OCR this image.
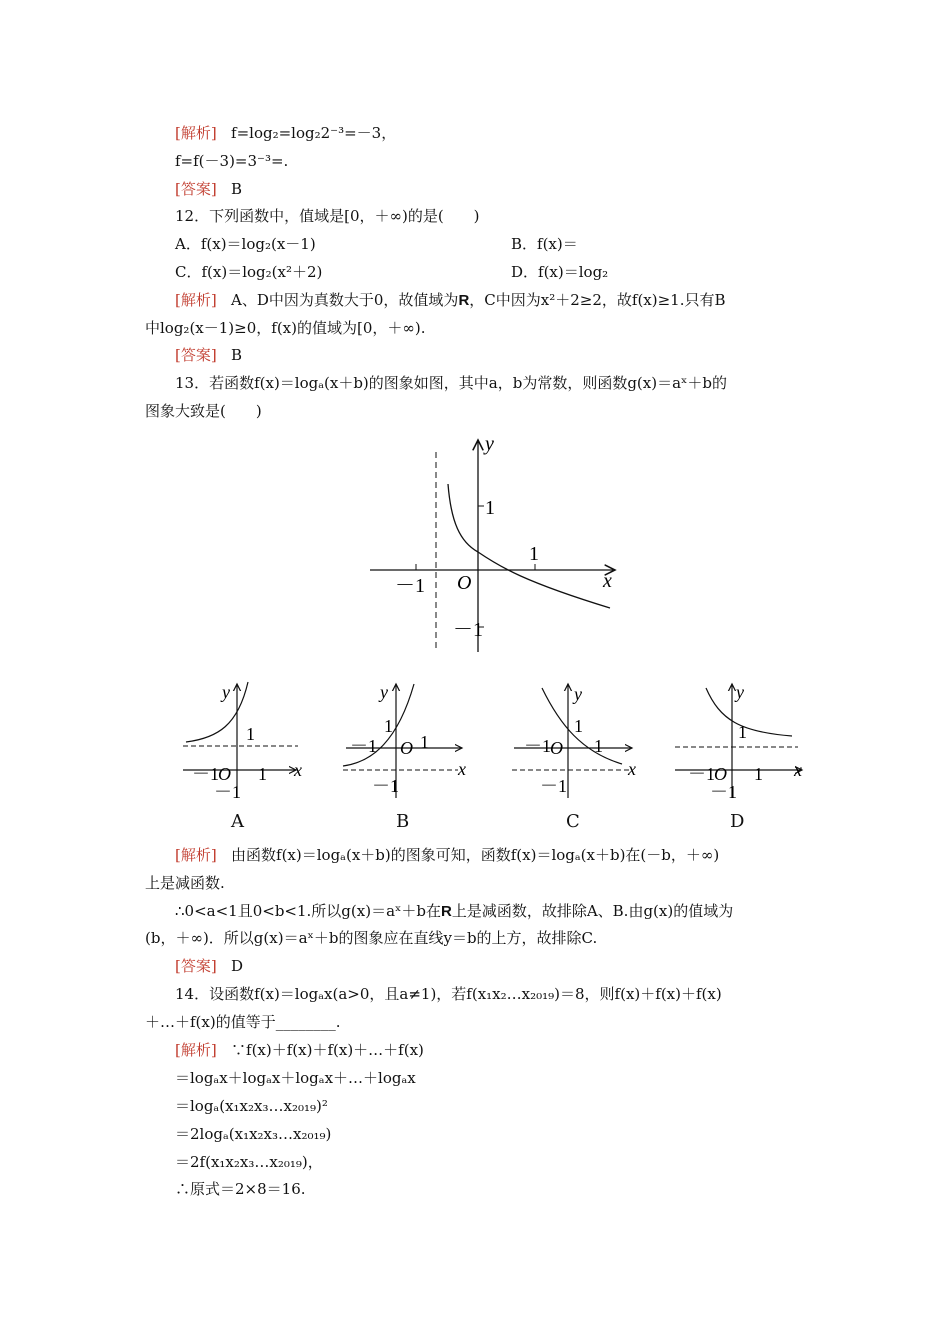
[解析] f=log₂=log₂2⁻³=－3，
f=f(－3)=3⁻³=.
[答案] B
12．下列函数中，值域是[0，＋∞)的是(　　)
A．f(x)＝log₂(x－1)	B．f(x)＝
C．f(x)＝log₂(x²＋2)	D．f(x)＝log₂
[解析] A、D中因为真数大于0，故值域为R，C中因为x²＋2≥2，故f(x)≥1.只有B
中log₂(x－1)≥0，f(x)的值域为[0，＋∞).
[答案] B
13．若函数f(x)＝logₐ(x＋b)的图象如图，其中a，b为常数，则函数g(x)＝aˣ＋b的
图象大致是(　　)
y
x
O
1
1
－1
－1
y
x
1
－1 O 1
－1
A
y
x
1
－1 O 1
－1
B
y
x
1
－1 O 1
－1
C
y
x
1
－1 O 1
－1
D
[解析] 由函数f(x)＝logₐ(x＋b)的图象可知，函数f(x)＝logₐ(x＋b)在(－b，＋∞)
上是减函数.
∴0<a<1且0<b<1.所以g(x)＝aˣ＋b在R上是减函数，故排除A、B.由g(x)的值域为
(b，＋∞)．所以g(x)＝aˣ＋b的图象应在直线y＝b的上方，故排除C.
[答案] D
14．设函数f(x)＝logₐx(a>0，且a≠1)，若f(x₁x₂…x₂₀₁₉)＝8，则f(x)＋f(x)＋f(x)
＋…＋f(x)的值等于________.
[解析] ∵f(x)＋f(x)＋f(x)＋…＋f(x)
＝logₐx＋logₐx＋logₐx＋…＋logₐx
＝logₐ(x₁x₂x₃…x₂₀₁₉)²
＝2logₐ(x₁x₂x₃…x₂₀₁₉)
＝2f(x₁x₂x₃…x₂₀₁₉)，
∴原式＝2×8＝16.
